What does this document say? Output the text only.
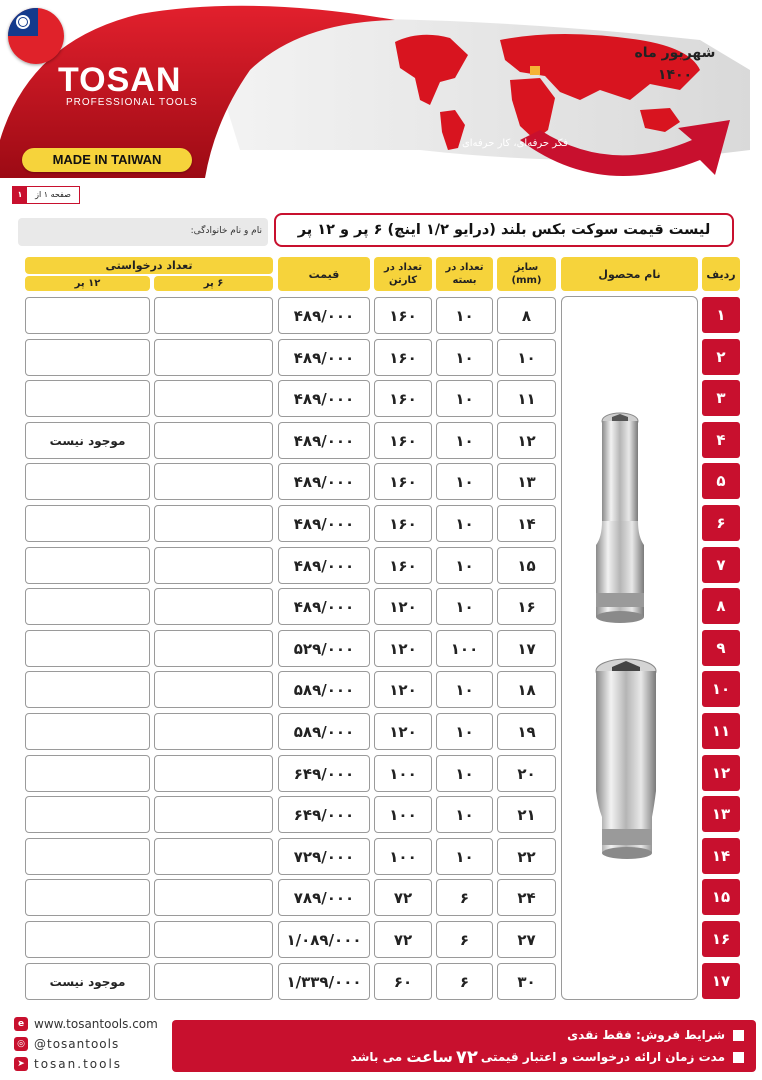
TOSAN
PROFESSIONAL TOOLS
MADE IN TAIWAN
شهریور ماه
۱۴۰۰
فکر حرفه‌ای، کار حرفه‌ای
صفحه ۱ از
۱
نام و نام خانوادگی:	لیست قیمت سوکت بکس بلند (درایو ۱/۲ اینچ) ۶ پر و ۱۲ پر
ردیف
نام محصول
سایز (mm)
تعداد در بسته
تعداد در کارتن
قیمت
تعداد درخواستی
۶ پر
۱۲ پر
۱
۸
۱۰
۱۶۰
۴۸۹/۰۰۰
۲
۱۰
۱۰
۱۶۰
۴۸۹/۰۰۰
۳
۱۱
۱۰
۱۶۰
۴۸۹/۰۰۰
۴
۱۲
۱۰
۱۶۰
۴۸۹/۰۰۰
موجود نیست
۵
۱۳
۱۰
۱۶۰
۴۸۹/۰۰۰
۶
۱۴
۱۰
۱۶۰
۴۸۹/۰۰۰
۷
۱۵
۱۰
۱۶۰
۴۸۹/۰۰۰
۸
۱۶
۱۰
۱۲۰
۴۸۹/۰۰۰
۹
۱۷
۱۰۰
۱۲۰
۵۲۹/۰۰۰
۱۰
۱۸
۱۰
۱۲۰
۵۸۹/۰۰۰
۱۱
۱۹
۱۰
۱۲۰
۵۸۹/۰۰۰
۱۲
۲۰
۱۰
۱۰۰
۶۴۹/۰۰۰
۱۳
۲۱
۱۰
۱۰۰
۶۴۹/۰۰۰
۱۴
۲۲
۱۰
۱۰۰
۷۲۹/۰۰۰
۱۵
۲۴
۶
۷۲
۷۸۹/۰۰۰
۱۶
۲۷
۶
۷۲
۱/۰۸۹/۰۰۰
۱۷
۳۰
۶
۶۰
۱/۳۳۹/۰۰۰
موجود نیست
e www.tosantools.com
◎ @tosantools
➤ tosan.tools
شرایط فروش:

فقط نقدی
مدت زمان ارائه درخواست و اعتبار قیمتی
۷۲
ساعت

می باشد
